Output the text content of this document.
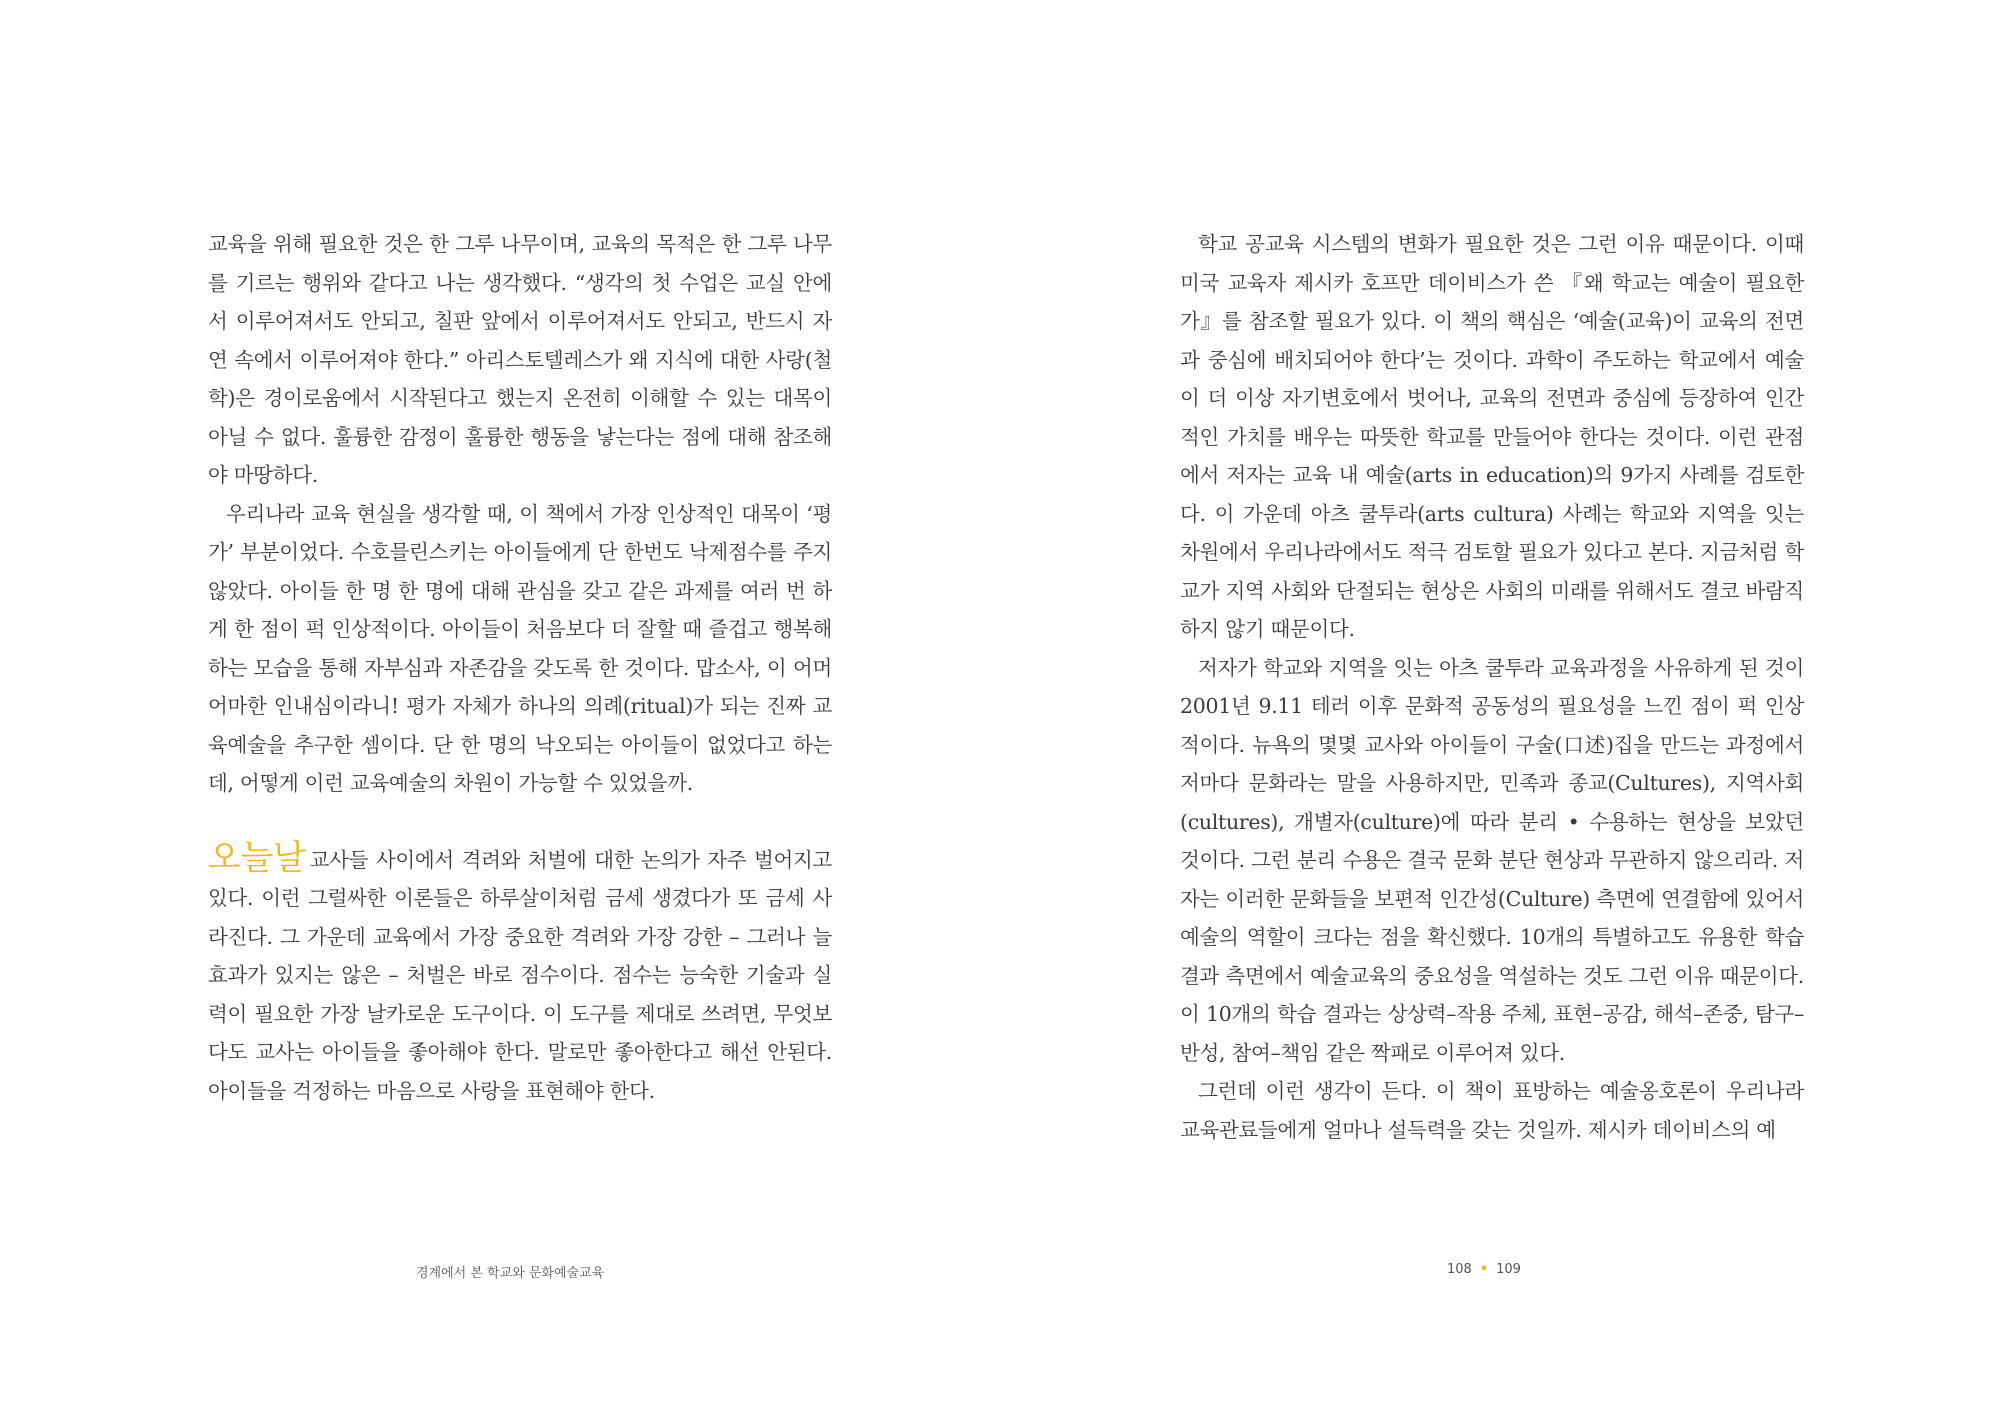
교육을 위해 필요한 것은 한 그루 나무이며, 교육의 목적은 한 그루 나무를 기르는 행위와 같다고 나는 생각했다. “생각의 첫 수업은 교실 안에서 이루어져서도 안되고, 칠판 앞에서 이루어져서도 안되고, 반드시 자연 속에서 이루어져야 한다.” 아리스토텔레스가 왜 지식에 대한 사랑(철학)은 경이로움에서 시작된다고 했는지 온전히 이해할 수 있는 대목이 아닐 수 없다. 훌륭한 감정이 훌륭한 행동을 낳는다는 점에 대해 참조해야 마땅하다.

우리나라 교육 현실을 생각할 때, 이 책에서 가장 인상적인 대목이 ‘평가’ 부분이었다. 수호믈린스키는 아이들에게 단 한번도 낙제점수를 주지 않았다. 아이들 한 명 한 명에 대해 관심을 갖고 같은 과제를 여러 번 하게 한 점이 퍽 인상적이다. 아이들이 처음보다 더 잘할 때 즐겁고 행복해하는 모습을 통해 자부심과 자존감을 갖도록 한 것이다. 맙소사, 이 어머어마한 인내심이라니! 평가 자체가 하나의 의례(ritual)가 되는 진짜 교육예술을 추구한 셈이다. 단 한 명의 낙오되는 아이들이 없었다고 하는데, 어떻게 이런 교육예술의 차원이 가능할 수 있었을까.

오늘날 교사들 사이에서 격려와 처벌에 대한 논의가 자주 벌어지고 있다. 이런 그럴싸한 이론들은 하루살이처럼 금세 생겼다가 또 금세 사라진다. 그 가운데 교육에서 가장 중요한 격려와 가장 강한 – 그러나 늘 효과가 있지는 않은 – 처벌은 바로 점수이다. 점수는 능숙한 기술과 실력이 필요한 가장 날카로운 도구이다. 이 도구를 제대로 쓰려면, 무엇보다도 교사는 아이들을 좋아해야 한다. 말로만 좋아한다고 해선 안된다. 아이들을 걱정하는 마음으로 사랑을 표현해야 한다.

학교 공교육 시스템의 변화가 필요한 것은 그런 이유 때문이다. 이때 미국 교육자 제시카 호프만 데이비스가 쓴 『왜 학교는 예술이 필요한가』를 참조할 필요가 있다. 이 책의 핵심은 ‘예술(교육)이 교육의 전면과 중심에 배치되어야 한다’는 것이다. 과학이 주도하는 학교에서 예술이 더 이상 자기변호에서 벗어나, 교육의 전면과 중심에 등장하여 인간적인 가치를 배우는 따뜻한 학교를 만들어야 한다는 것이다. 이런 관점에서 저자는 교육 내 예술(arts in education)의 9가지 사례를 검토한다. 이 가운데 아츠 쿨투라(arts cultura) 사례는 학교와 지역을 잇는 차원에서 우리나라에서도 적극 검토할 필요가 있다고 본다. 지금처럼 학교가 지역 사회와 단절되는 현상은 사회의 미래를 위해서도 결코 바람직하지 않기 때문이다.

저자가 학교와 지역을 잇는 아츠 쿨투라 교육과정을 사유하게 된 것이 2001년 9.11 테러 이후 문화적 공동성의 필요성을 느낀 점이 퍽 인상적이다. 뉴욕의 몇몇 교사와 아이들이 구술(口述)집을 만드는 과정에서 저마다 문화라는 말을 사용하지만, 민족과 종교(Cultures), 지역사회(cultures), 개별자(culture)에 따라 분리 • 수용하는 현상을 보았던 것이다. 그런 분리 수용은 결국 문화 분단 현상과 무관하지 않으리라. 저자는 이러한 문화들을 보편적 인간성(Culture) 측면에 연결함에 있어서 예술의 역할이 크다는 점을 확신했다. 10개의 특별하고도 유용한 학습 결과 측면에서 예술교육의 중요성을 역설하는 것도 그런 이유 때문이다. 이 10개의 학습 결과는 상상력–작용 주체, 표현–공감, 해석–존중, 탐구–반성, 참여–책임 같은 짝패로 이루어져 있다.

그런데 이런 생각이 든다. 이 책이 표방하는 예술옹호론이 우리나라 교육관료들에게 얼마나 설득력을 갖는 것일까. 제시카 데이비스의 예

경계에서 본 학교와 문화예술교육	108 • 109
